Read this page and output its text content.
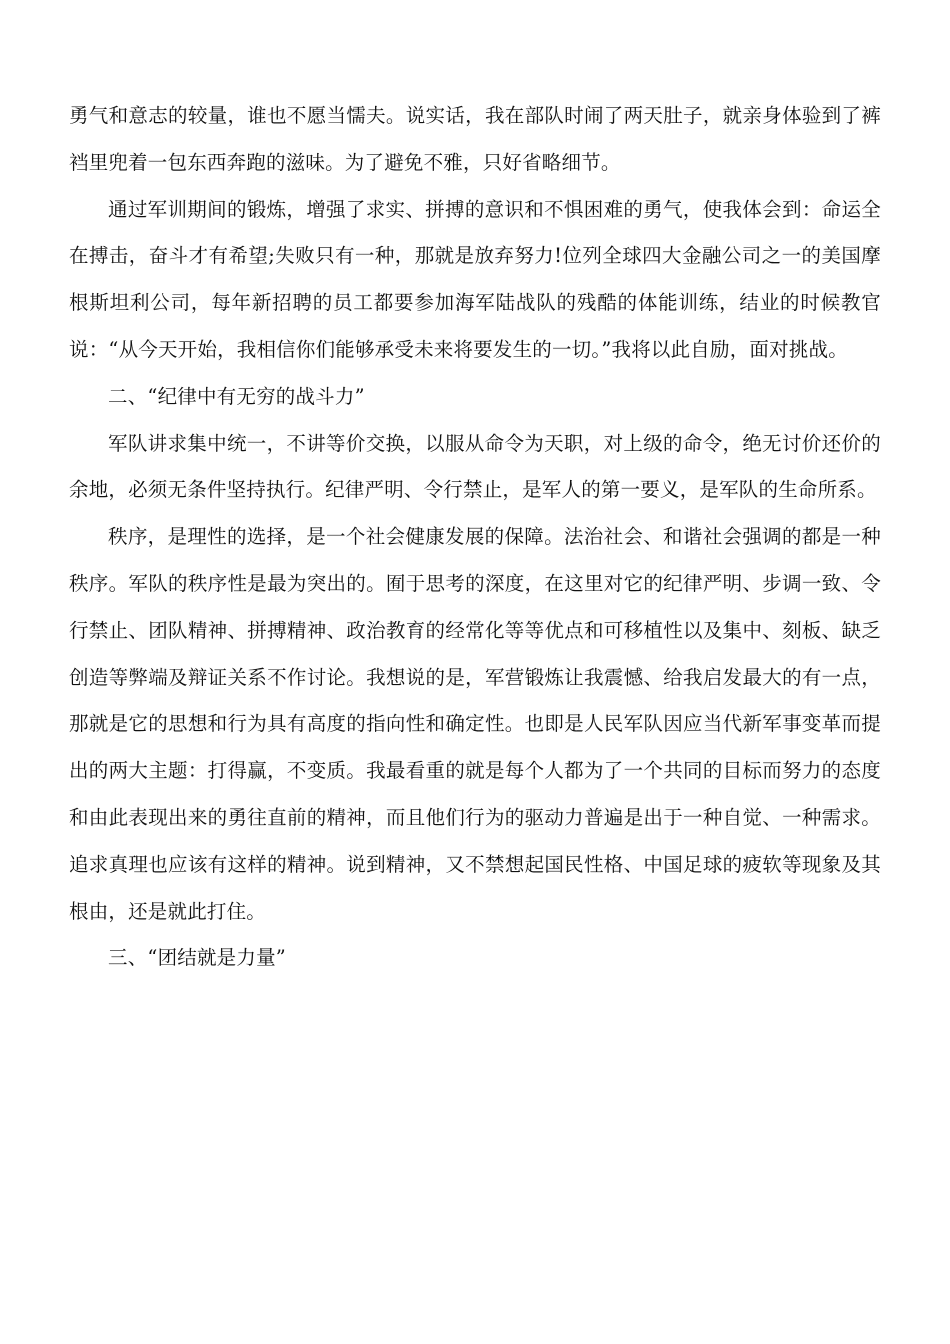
勇气和意志的较量，谁也不愿当懦夫。说实话，我在部队时闹了两天肚子，就亲身体验到了裤裆里兜着一包东西奔跑的滋味。为了避免不雅，只好省略细节。

通过军训期间的锻炼，增强了求实、拼搏的意识和不惧困难的勇气，使我体会到：命运全在搏击，奋斗才有希望;失败只有一种，那就是放弃努力!位列全球四大金融公司之一的美国摩根斯坦利公司，每年新招聘的员工都要参加海军陆战队的残酷的体能训练，结业的时候教官说：“从今天开始，我相信你们能够承受未来将要发生的一切。”我将以此自励，面对挑战。

二、“纪律中有无穷的战斗力”

军队讲求集中统一，不讲等价交换，以服从命令为天职，对上级的命令，绝无讨价还价的余地，必须无条件坚持执行。纪律严明、令行禁止，是军人的第一要义，是军队的生命所系。

秩序，是理性的选择，是一个社会健康发展的保障。法治社会、和谐社会强调的都是一种秩序。军队的秩序性是最为突出的。囿于思考的深度，在这里对它的纪律严明、步调一致、令行禁止、团队精神、拼搏精神、政治教育的经常化等等优点和可移植性以及集中、刻板、缺乏创造等弊端及辩证关系不作讨论。我想说的是，军营锻炼让我震憾、给我启发最大的有一点，那就是它的思想和行为具有高度的指向性和确定性。也即是人民军队因应当代新军事变革而提出的两大主题：打得赢，不变质。我最看重的就是每个人都为了一个共同的目标而努力的态度和由此表现出来的勇往直前的精神，而且他们行为的驱动力普遍是出于一种自觉、一种需求。追求真理也应该有这样的精神。说到精神，又不禁想起国民性格、中国足球的疲软等现象及其根由，还是就此打住。

三、“团结就是力量”
